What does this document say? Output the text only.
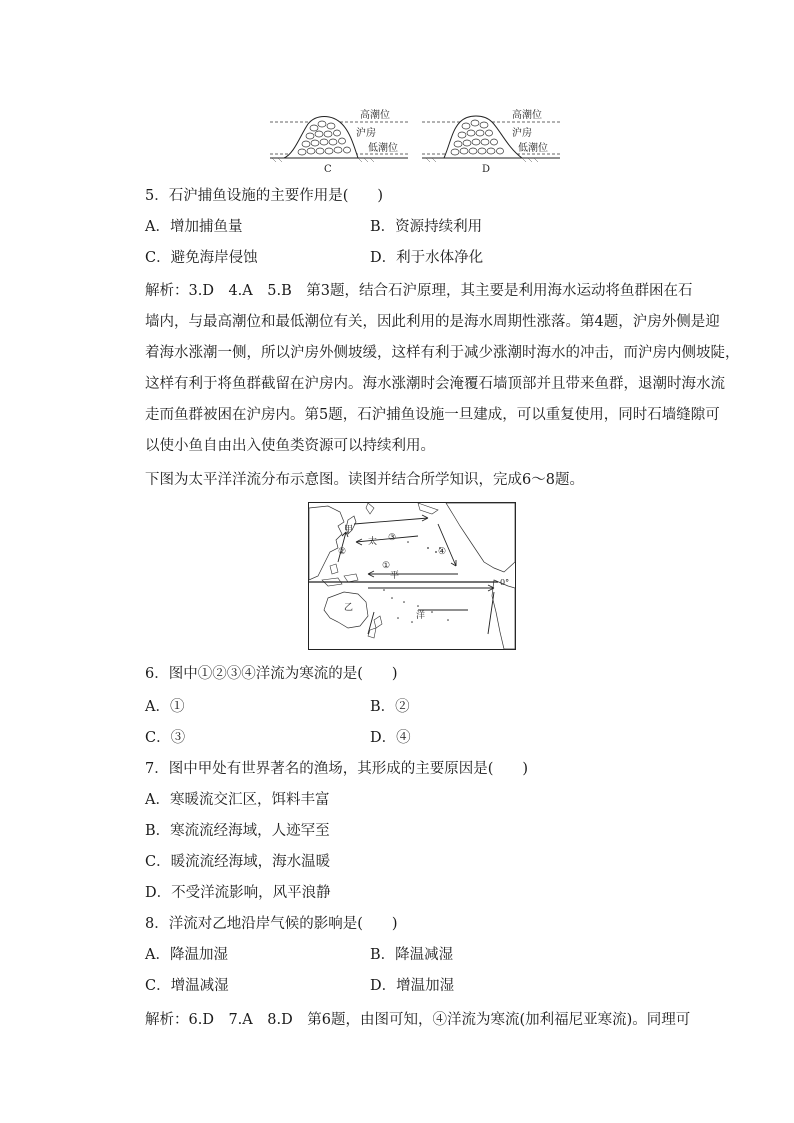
高潮位
沪房
低潮位
C
高潮位
沪房
低潮位
D
5．石沪捕鱼设施的主要作用是(　　)
A．增加捕鱼量	B．资源持续利用
C．避免海岸侵蚀	D．利于水体净化
解析：3.D　4.A　5.B　第3题，结合石沪原理，其主要是利用海水运动将鱼群困在石
墙内，与最高潮位和最低潮位有关，因此利用的是海水周期性涨落。第4题，沪房外侧是迎
着海水涨潮一侧，所以沪房外侧坡缓，这样有利于减少涨潮时海水的冲击，而沪房内侧坡陡，
这样有利于将鱼群截留在沪房内。海水涨潮时会淹覆石墙顶部并且带来鱼群，退潮时海水流
走而鱼群被困在沪房内。第5题，石沪捕鱼设施一旦建成，可以重复使用，同时石墙缝隙可
以使小鱼自由出入使鱼类资源可以持续利用。
下图为太平洋洋流分布示意图。读图并结合所学知识，完成6～8题。
甲
太
平
洋
乙
①
②
③
④
0°
6．图中①②③④洋流为寒流的是(　　)
A．①	B．②
C．③	D．④
7．图中甲处有世界著名的渔场，其形成的主要原因是(　　)
A．寒暖流交汇区，饵料丰富
B．寒流流经海域，人迹罕至
C．暖流流经海域，海水温暖
D．不受洋流影响，风平浪静
8．洋流对乙地沿岸气候的影响是(　　)
A．降温加湿	B．降温减湿
C．增温减湿	D．增温加湿
解析：6.D　7.A　8.D　第6题，由图可知，④洋流为寒流(加利福尼亚寒流)。同理可
